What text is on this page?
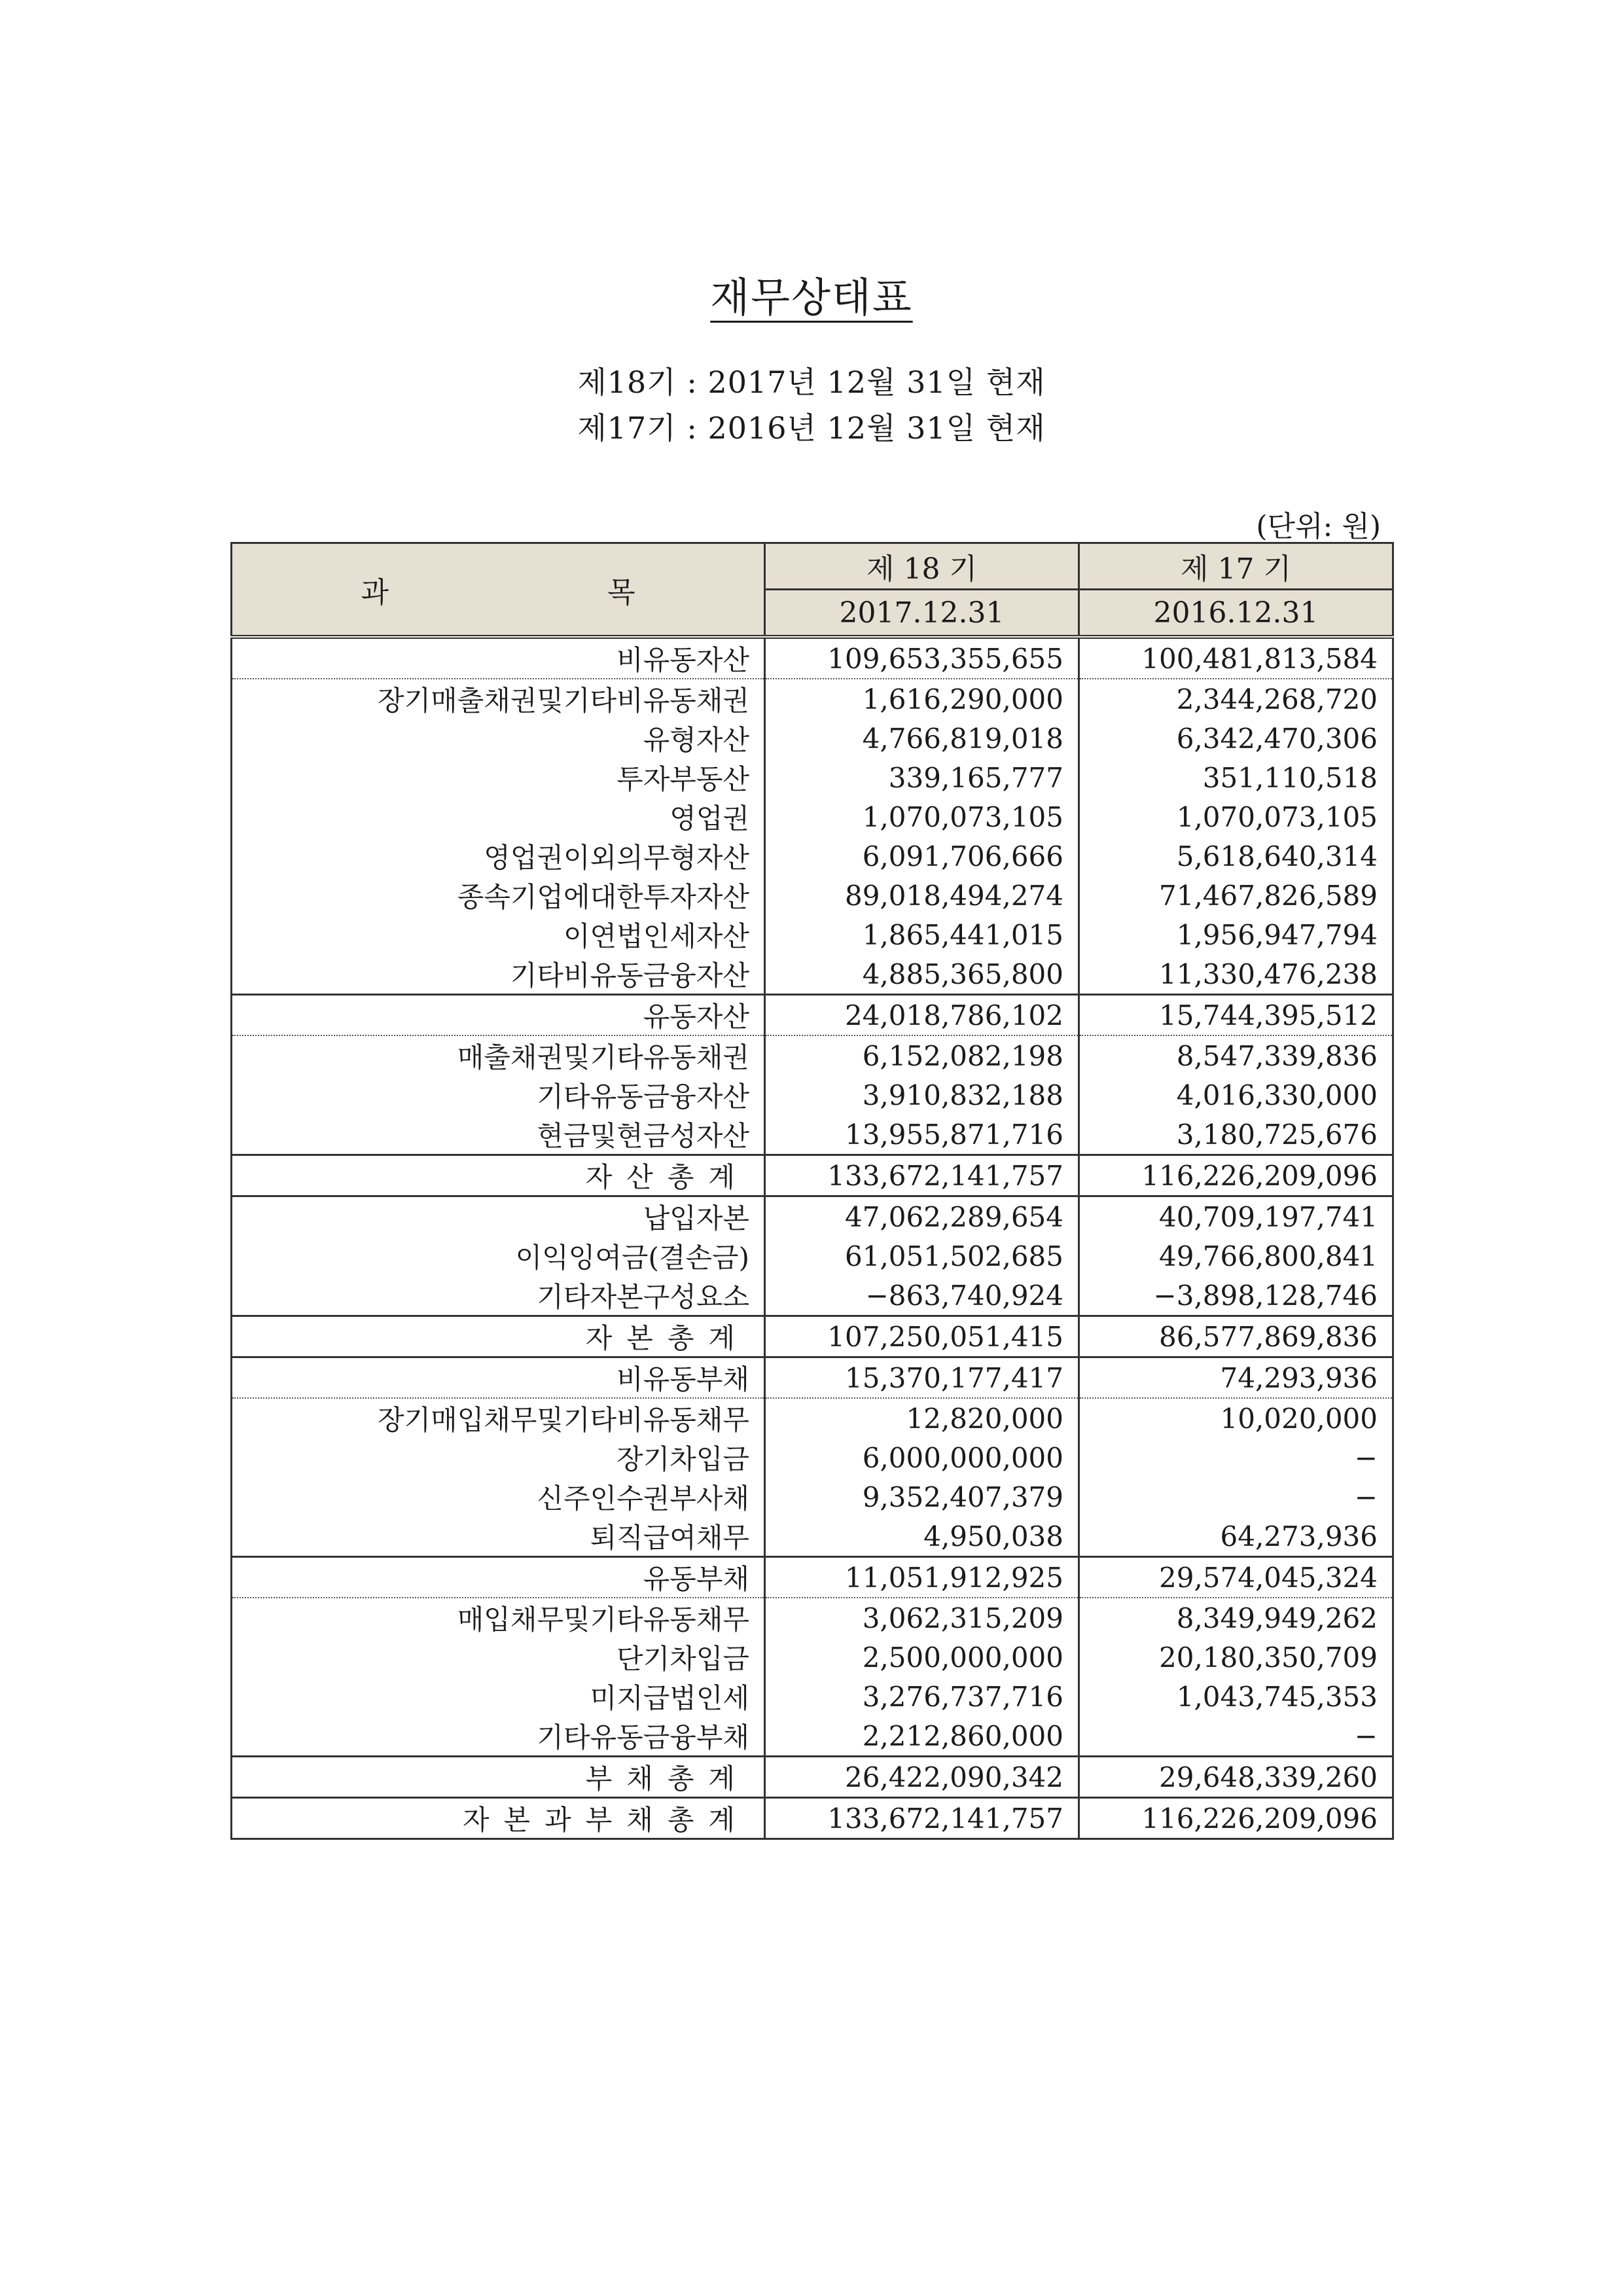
재무상태표
제18기 : 2017년 12월 31일 현재
제17기 : 2016년 12월 31일 현재
(단위: 원)
과 목	제 18 기	제 17 기
	2017.12.31	2016.12.31
비유동자산	109,653,355,655	100,481,813,584
장기매출채권및기타비유동채권	1,616,290,000	2,344,268,720
유형자산	4,766,819,018	6,342,470,306
투자부동산	339,165,777	351,110,518
영업권	1,070,073,105	1,070,073,105
영업권이외의무형자산	6,091,706,666	5,618,640,314
종속기업에대한투자자산	89,018,494,274	71,467,826,589
이연법인세자산	1,865,441,015	1,956,947,794
기타비유동금융자산	4,885,365,800	11,330,476,238
유동자산	24,018,786,102	15,744,395,512
매출채권및기타유동채권	6,152,082,198	8,547,339,836
기타유동금융자산	3,910,832,188	4,016,330,000
현금및현금성자산	13,955,871,716	3,180,725,676
자산총계	133,672,141,757	116,226,209,096
납입자본	47,062,289,654	40,709,197,741
이익잉여금(결손금)	61,051,502,685	49,766,800,841
기타자본구성요소	−863,740,924	−3,898,128,746
자본총계	107,250,051,415	86,577,869,836
비유동부채	15,370,177,417	74,293,936
장기매입채무및기타비유동채무	12,820,000	10,020,000
장기차입금	6,000,000,000	−
신주인수권부사채	9,352,407,379	−
퇴직급여채무	4,950,038	64,273,936
유동부채	11,051,912,925	29,574,045,324
매입채무및기타유동채무	3,062,315,209	8,349,949,262
단기차입금	2,500,000,000	20,180,350,709
미지급법인세	3,276,737,716	1,043,745,353
기타유동금융부채	2,212,860,000	−
부채총계	26,422,090,342	29,648,339,260
자본과부채총계	133,672,141,757	116,226,209,096
